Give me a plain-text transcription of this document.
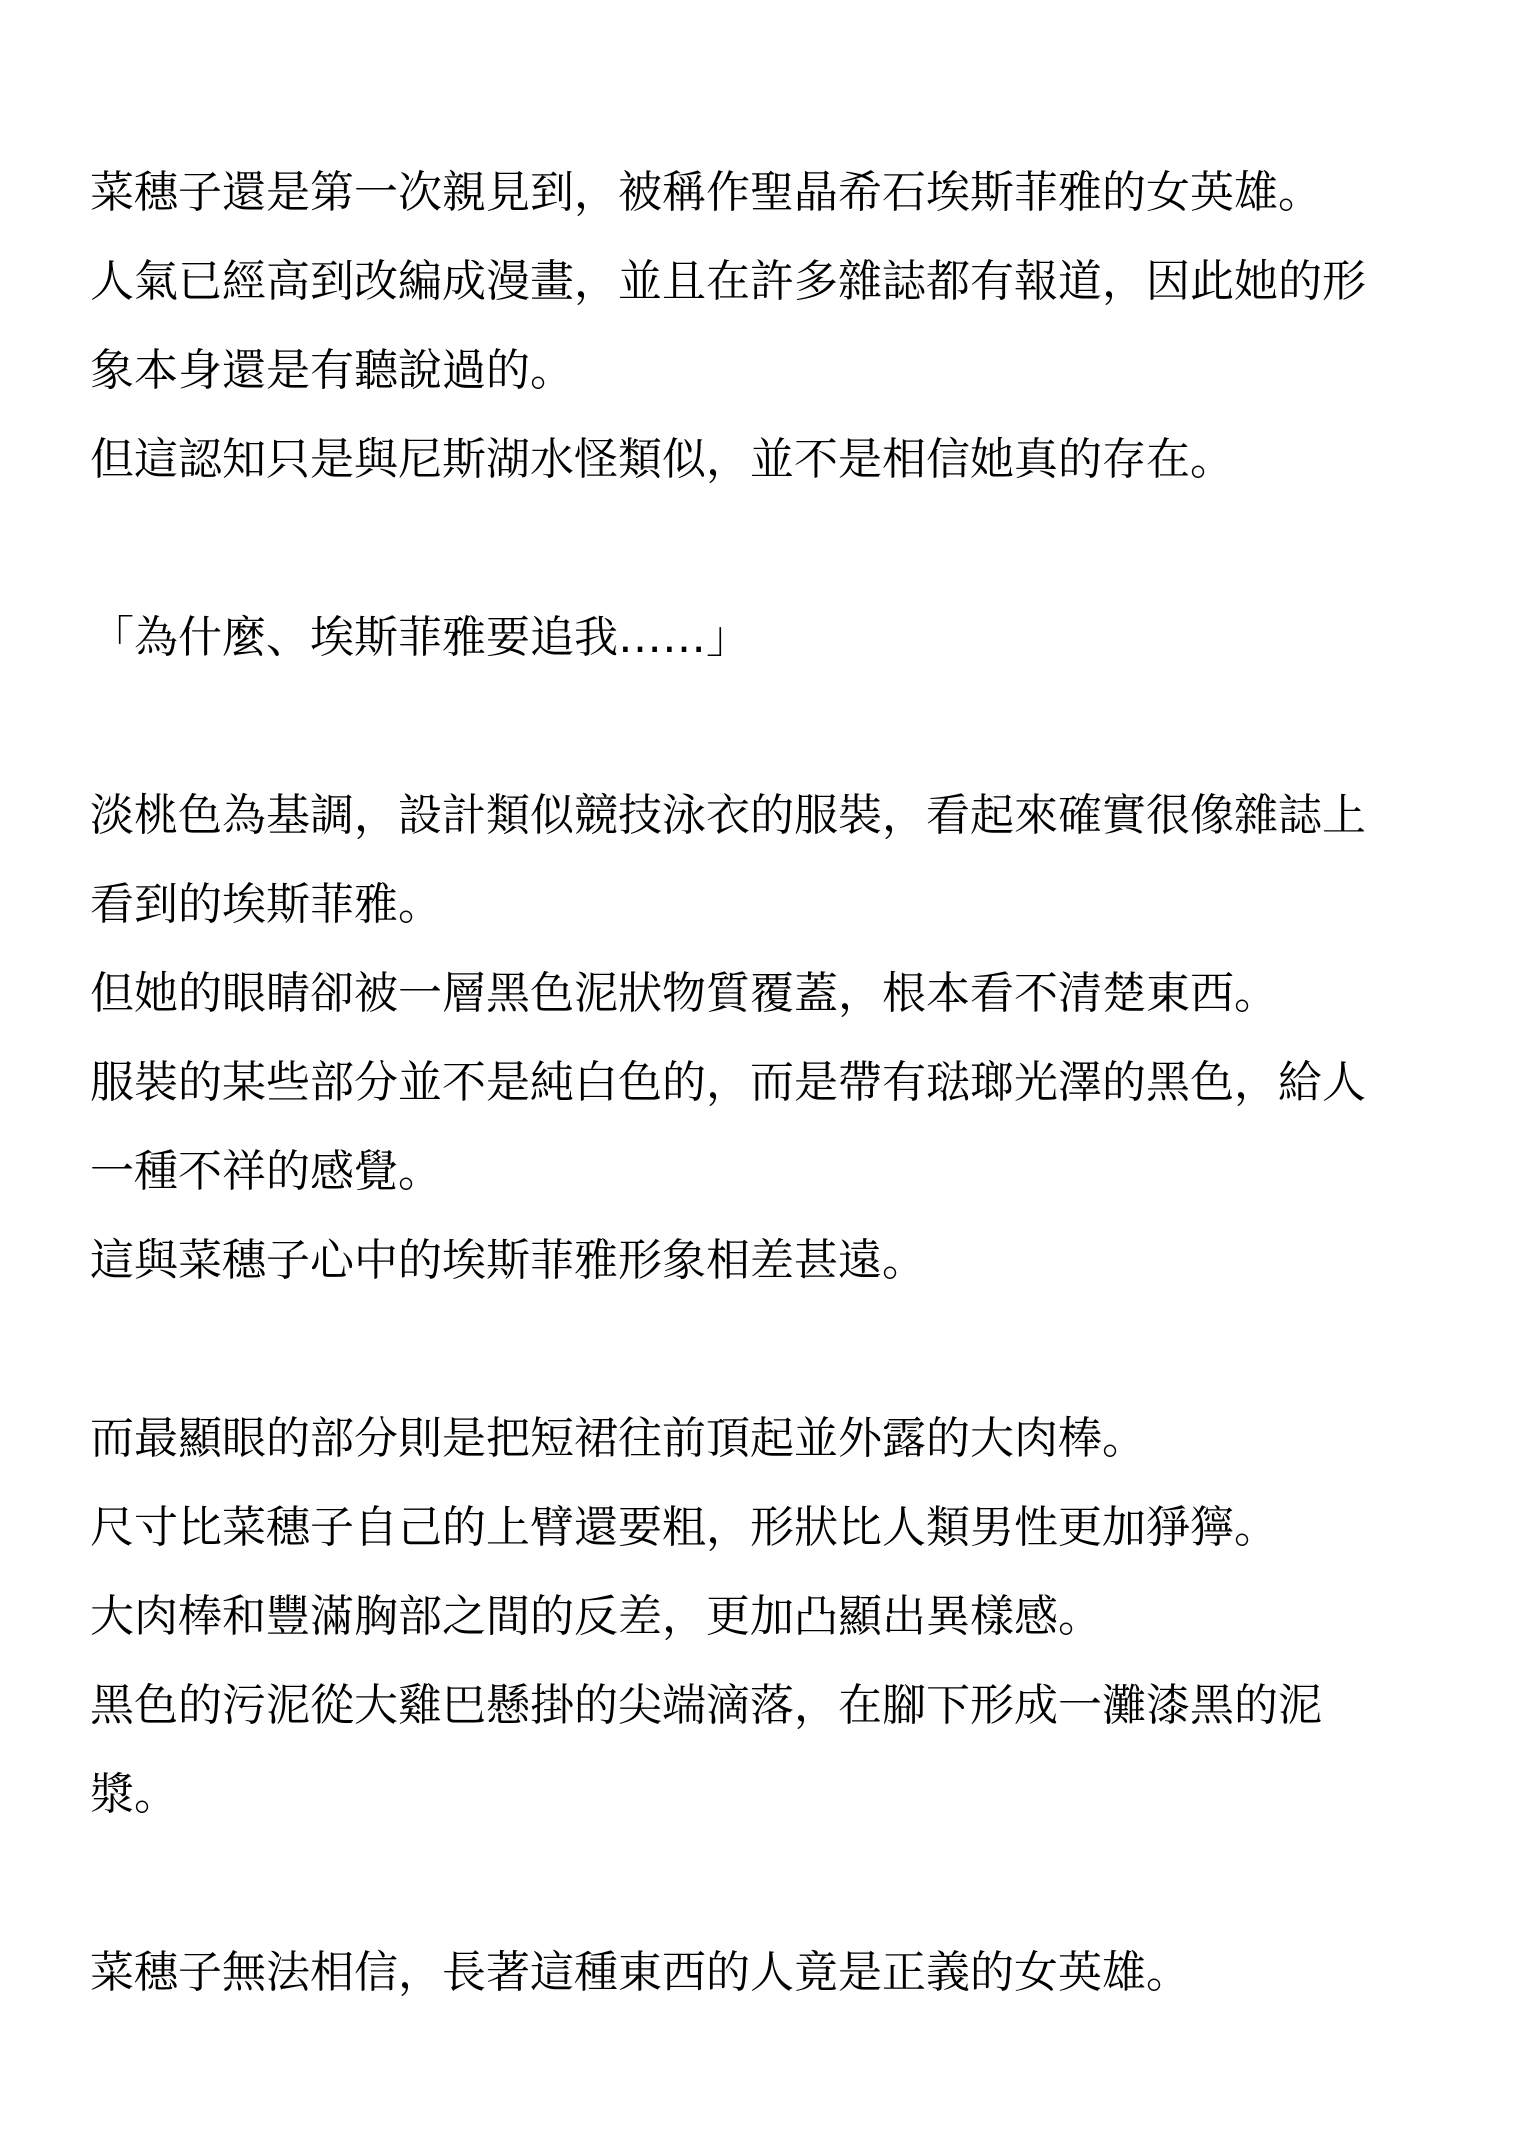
菜穗子還是第一次親見到，被稱作聖晶希石埃斯菲雅的女英雄。
人氣已經高到改編成漫畫，並且在許多雜誌都有報道，因此她的形
象本身還是有聽說過的。
但這認知只是與尼斯湖水怪類似，並不是相信她真的存在。
「為什麼、埃斯菲雅要追我……」
淡桃色為基調，設計類似競技泳衣的服裝，看起來確實很像雜誌上
看到的埃斯菲雅。
但她的眼睛卻被一層黑色泥狀物質覆蓋，根本看不清楚東西。
服裝的某些部分並不是純白色的，而是帶有琺瑯光澤的黑色，給人
一種不祥的感覺。
這與菜穗子心中的埃斯菲雅形象相差甚遠。
而最顯眼的部分則是把短裙往前頂起並外露的大肉棒。
尺寸比菜穗子自己的上臂還要粗，形狀比人類男性更加猙獰。
大肉棒和豐滿胸部之間的反差，更加凸顯出異樣感。
黑色的污泥從大雞巴懸掛的尖端滴落，在腳下形成一灘漆黑的泥
漿。
菜穗子無法相信，長著這種東西的人竟是正義的女英雄。
